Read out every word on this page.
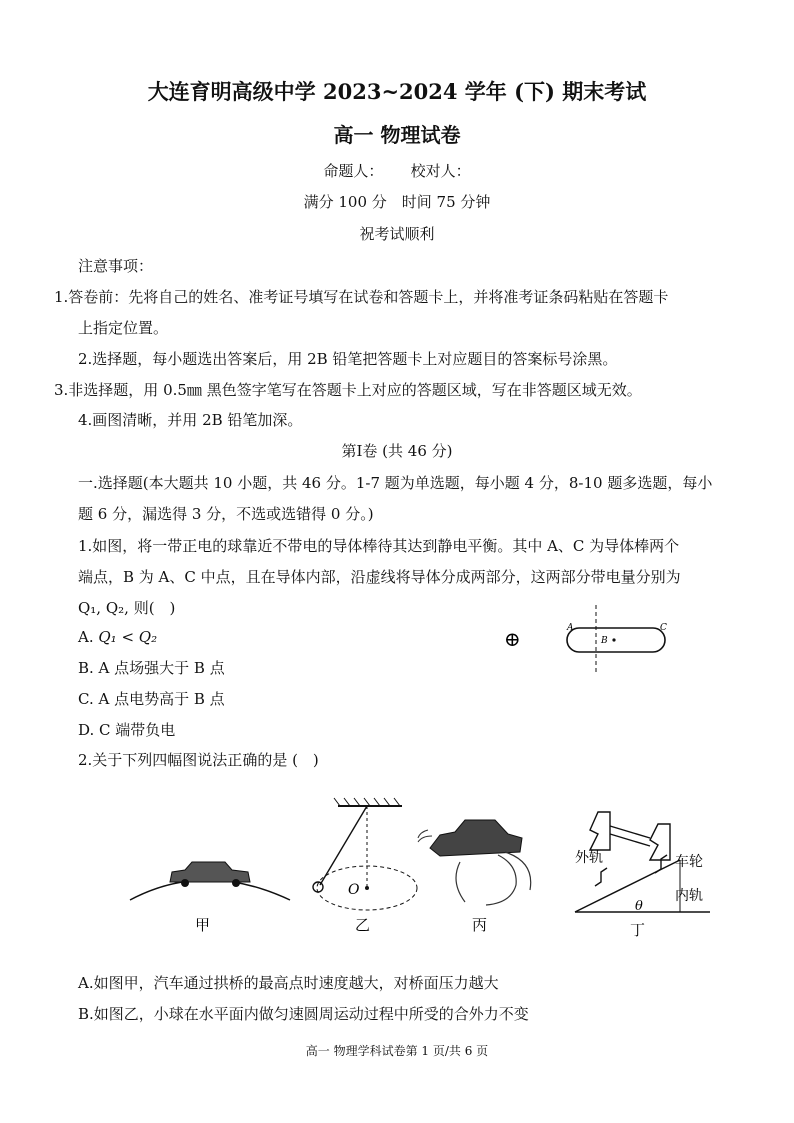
大连育明高级中学 2023~2024 学年 (下) 期末考试
高一 物理试卷
命题人：　　 校对人：
满分 100 分　时间 75 分钟
祝考试顺利
注意事项：
1.答卷前：先将自己的姓名、准考证号填写在试卷和答题卡上，并将准考证条码粘贴在答题卡
上指定位置。
2.选择题，每小题选出答案后，用 2B 铅笔把答题卡上对应题目的答案标号涂黑。
3.非选择题，用 0.5㎜ 黑色签字笔写在答题卡上对应的答题区域，写在非答题区域无效。
4.画图清晰，并用 2B 铅笔加深。
第Ⅰ卷 (共 46 分)
一.选择题(本大题共 10 小题，共 46 分。1-7 题为单选题，每小题 4 分，8-10 题多选题，每小
题 6 分，漏选得 3 分，不选或选错得 0 分。)
1.如图，将一带正电的球靠近不带电的导体棒待其达到静电平衡。其中 A、C 为导体棒两个
端点，B 为 A、C 中点，且在导体内部，沿虚线将导体分成两部分，这两部分带电量分别为
Q₁, Q₂, 则(　)
A. Q₁ < Q₂
B. A 点场强大于 B 点
C. A 点电势高于 B 点
D. C 端带负电
⊕	A
B
C
2.关于下列四幅图说法正确的是 (　)
甲
O
乙	丙
外轨	车轮
内轨
θ
丁
A.如图甲，汽车通过拱桥的最高点时速度越大，对桥面压力越大
B.如图乙，小球在水平面内做匀速圆周运动过程中所受的合外力不变
高一 物理学科试卷第 1 页/共 6 页
